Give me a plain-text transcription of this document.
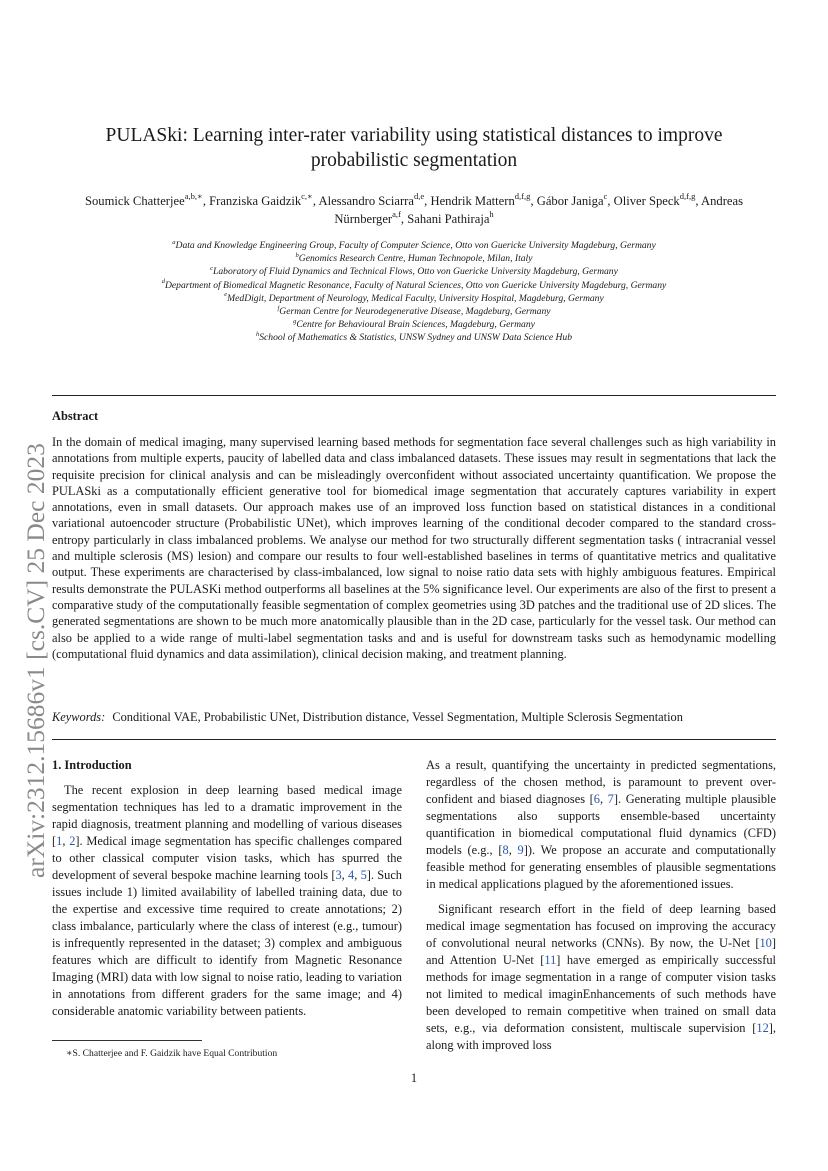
PULASki: Learning inter-rater variability using statistical distances to improve probabilistic segmentation
Soumick Chatterjee$^{a,b,∗}$, Franziska Gaidzik$^{c,∗}$, Alessandro Sciarra$^{d,e}$, Hendrik Mattern$^{d,f,g}$, Gábor Janiga$^c$, Oliver Speck$^{d,f,g}$, Andreas Nürnberger$^{a,f}$, Sahani Pathiraja$^h$
$^a$Data and Knowledge Engineering Group, Faculty of Computer Science, Otto von Guericke University Magdeburg, Germany
$^b$Genomics Research Centre, Human Technopole, Milan, Italy
$^c$Laboratory of Fluid Dynamics and Technical Flows, Otto von Guericke University Magdeburg, Germany
$^d$Department of Biomedical Magnetic Resonance, Faculty of Natural Sciences, Otto von Guericke University Magdeburg, Germany
$^e$MedDigit, Department of Neurology, Medical Faculty, University Hospital, Magdeburg, Germany
$^f$German Centre for Neurodegenerative Disease, Magdeburg, Germany
$^g$Centre for Behavioural Brain Sciences, Magdeburg, Germany
$^h$School of Mathematics & Statistics, UNSW Sydney and UNSW Data Science Hub
arXiv:2312.15686v1 [cs.CV] 25 Dec 2023
Abstract
In the domain of medical imaging, many supervised learning based methods for segmentation face several challenges such as high variability in annotations from multiple experts, paucity of labelled data and class imbalanced datasets. These issues may result in segmentations that lack the requisite precision for clinical analysis and can be misleadingly overconfident without associated uncertainty quantification. We propose the PULASki as a computationally efficient generative tool for biomedical image segmentation that accurately captures variability in expert annotations, even in small datasets. Our approach makes use of an improved loss function based on statistical distances in a conditional variational autoencoder structure (Probabilistic UNet), which improves learning of the conditional decoder compared to the standard cross-entropy particularly in class imbalanced problems. We analyse our method for two structurally different segmentation tasks ( intracranial vessel and multiple sclerosis (MS) lesion) and compare our results to four well-established baselines in terms of quantitative metrics and qualitative output. These experiments are characterised by class-imbalanced, low signal to noise ratio data sets with highly ambiguous features. Empirical results demonstrate the PULASKi method outperforms all baselines at the 5% significance level. Our experiments are also of the first to present a comparative study of the computationally feasible segmentation of complex geometries using 3D patches and the traditional use of 2D slices. The generated segmentations are shown to be much more anatomically plausible than in the 2D case, particularly for the vessel task. Our method can also be applied to a wide range of multi-label segmentation tasks and and is useful for downstream tasks such as hemodynamic modelling (computational fluid dynamics and data assimilation), clinical decision making, and treatment planning.
Keywords: Conditional VAE, Probabilistic UNet, Distribution distance, Vessel Segmentation, Multiple Sclerosis Segmentation
1. Introduction

The recent explosion in deep learning based medical image segmentation techniques has led to a dramatic improvement in the rapid diagnosis, treatment planning and modelling of various diseases [1, 2]. Medical image segmentation has specific challenges compared to other classical computer vision tasks, which has spurred the development of several bespoke machine learning tools [3, 4, 5]. Such issues include 1) limited availability of labelled training data, due to the expertise and excessive time required to create annotations; 2) class imbalance, particularly where the class of interest (e.g., tumour) is infrequently represented in the dataset; 3) complex and ambiguous features which are difficult to identify from Magnetic Resonance Imaging (MRI) data with low signal to noise ratio, leading to variation in annotations from different graders for the same image; and 4) considerable anatomic variability between patients.

As a result, quantifying the uncertainty in predicted segmentations, regardless of the chosen method, is paramount to prevent over-confident and biased diagnoses [6, 7]. Generating multiple plausible segmentations also supports ensemble-based uncertainty quantification in biomedical computational fluid dynamics (CFD) models (e.g., [8, 9]). We propose an accurate and computationally feasible method for generating ensembles of plausible segmentations in medical applications plagued by the aforementioned issues.

Significant research effort in the field of deep learning based medical image segmentation has focused on improving the accuracy of convolutional neural networks (CNNs). By now, the U-Net [10] and Attention U-Net [11] have emerged as empirically successful methods for image segmentation in a range of computer vision tasks not limited to medical imaginEnhancements of such methods have been developed to remain competitive when trained on small data sets, e.g., via deformation consistent, multiscale supervision [12], along with improved loss

∗S. Chatterjee and F. Gaidzik have Equal Contribution
1
